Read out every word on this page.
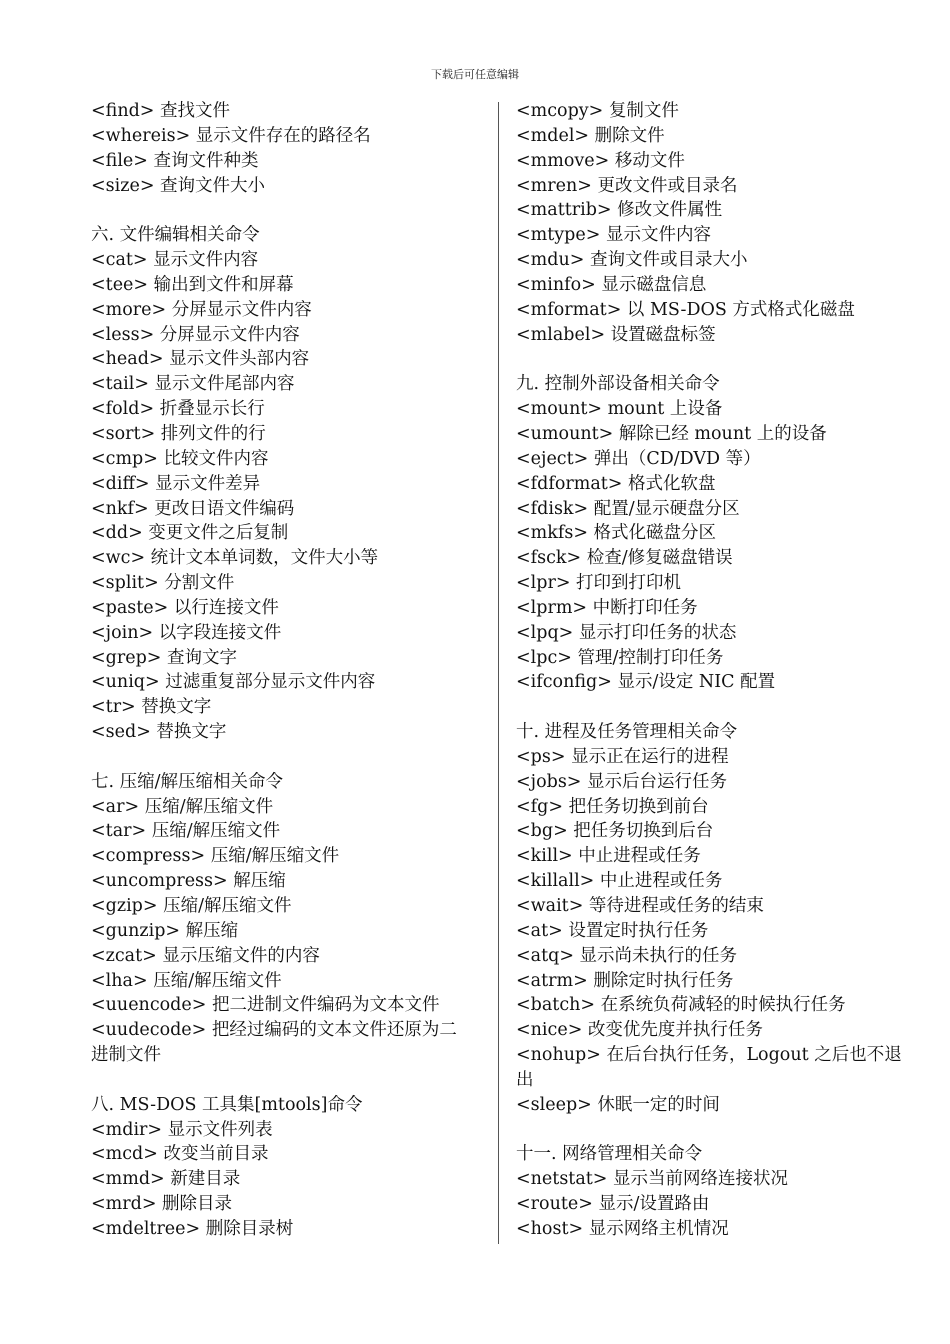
下载后可任意编辑
<find> 查找文件
<whereis> 显示文件存在的路径名
<file> 查询文件种类
<size> 查询文件大小
六. 文件编辑相关命令
<cat> 显示文件内容
<tee> 输出到文件和屏幕
<more> 分屏显示文件内容
<less> 分屏显示文件内容
<head> 显示文件头部内容
<tail> 显示文件尾部内容
<fold> 折叠显示长行
<sort> 排列文件的行
<cmp> 比较文件内容
<diff> 显示文件差异
<nkf> 更改日语文件编码
<dd> 变更文件之后复制
<wc> 统计文本单词数，文件大小等
<split> 分割文件
<paste> 以行连接文件
<join> 以字段连接文件
<grep> 查询文字
<uniq> 过滤重复部分显示文件内容
<tr> 替换文字
<sed> 替换文字
七. 压缩/解压缩相关命令
<ar> 压缩/解压缩文件
<tar> 压缩/解压缩文件
<compress> 压缩/解压缩文件
<uncompress> 解压缩
<gzip> 压缩/解压缩文件
<gunzip> 解压缩
<zcat> 显示压缩文件的内容
<lha> 压缩/解压缩文件
<uuencode> 把二进制文件编码为文本文件
<uudecode> 把经过编码的文本文件还原为二
进制文件
八. MS-DOS 工具集[mtools]命令
<mdir> 显示文件列表
<mcd> 改变当前目录
<mmd> 新建目录
<mrd> 删除目录
<mdeltree> 删除目录树
<mcopy> 复制文件
<mdel> 删除文件
<mmove> 移动文件
<mren> 更改文件或目录名
<mattrib> 修改文件属性
<mtype> 显示文件内容
<mdu> 查询文件或目录大小
<minfo> 显示磁盘信息
<mformat> 以 MS-DOS 方式格式化磁盘
<mlabel> 设置磁盘标签
九. 控制外部设备相关命令
<mount> mount 上设备
<umount> 解除已经 mount 上的设备
<eject> 弹出（CD/DVD 等）
<fdformat> 格式化软盘
<fdisk> 配置/显示硬盘分区
<mkfs> 格式化磁盘分区
<fsck> 检查/修复磁盘错误
<lpr> 打印到打印机
<lprm> 中断打印任务
<lpq> 显示打印任务的状态
<lpc> 管理/控制打印任务
<ifconfig> 显示/设定 NIC 配置
十. 进程及任务管理相关命令
<ps> 显示正在运行的进程
<jobs> 显示后台运行任务
<fg> 把任务切换到前台
<bg> 把任务切换到后台
<kill> 中止进程或任务
<killall> 中止进程或任务
<wait> 等待进程或任务的结束
<at> 设置定时执行任务
<atq> 显示尚未执行的任务
<atrm> 删除定时执行任务
<batch> 在系统负荷减轻的时候执行任务
<nice> 改变优先度并执行任务
<nohup> 在后台执行任务，Logout 之后也不退
出
<sleep> 休眠一定的时间
十一. 网络管理相关命令
<netstat> 显示当前网络连接状况
<route> 显示/设置路由
<host> 显示网络主机情况
